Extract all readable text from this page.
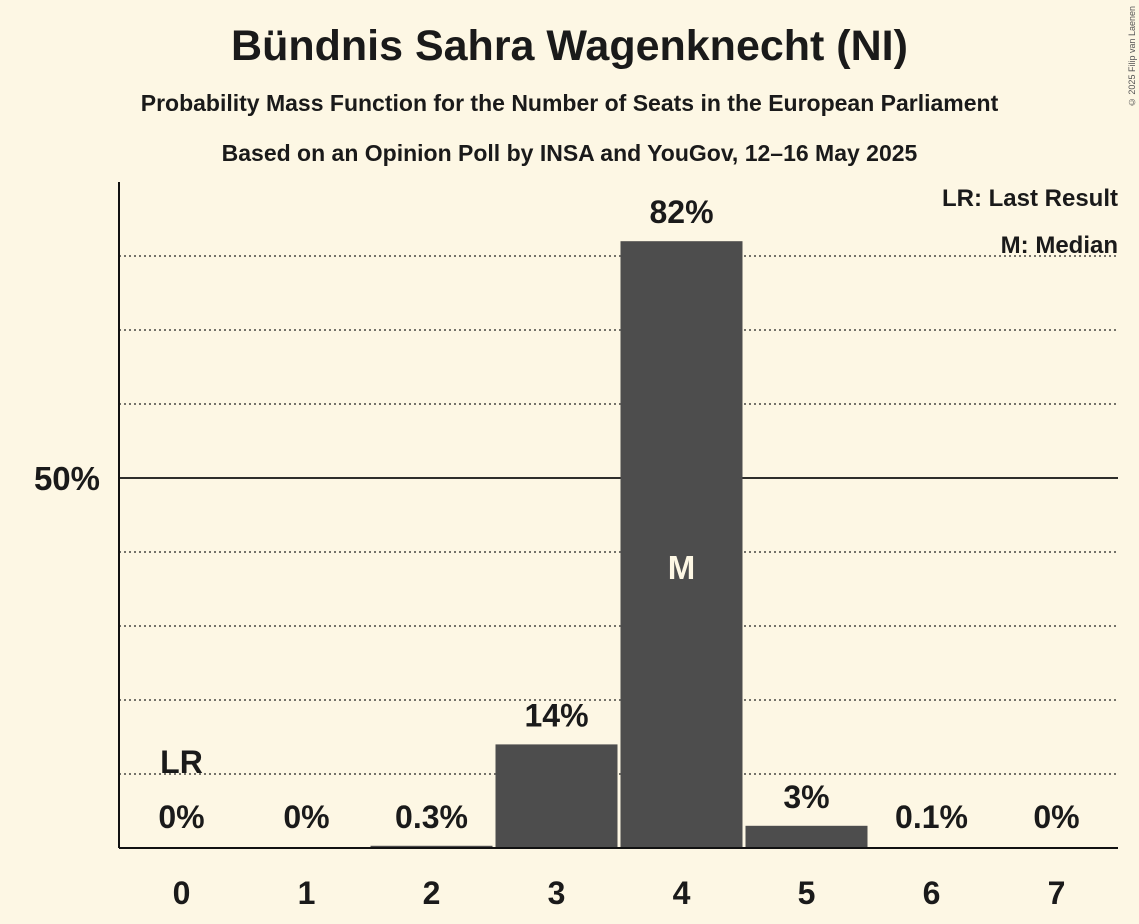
Bündnis Sahra Wagenknecht (NI)
Probability Mass Function for the Number of Seats in the European Parliament
Based on an Opinion Poll by INSA and YouGov, 12–16 May 2025
© 2025 Filip van Laenen
50%
0%
0
LR
0%
1
0.3%
2
14%
3
82%
4
M
3%
5
0.1%
6
0%
7
LR: Last Result
M: Median
